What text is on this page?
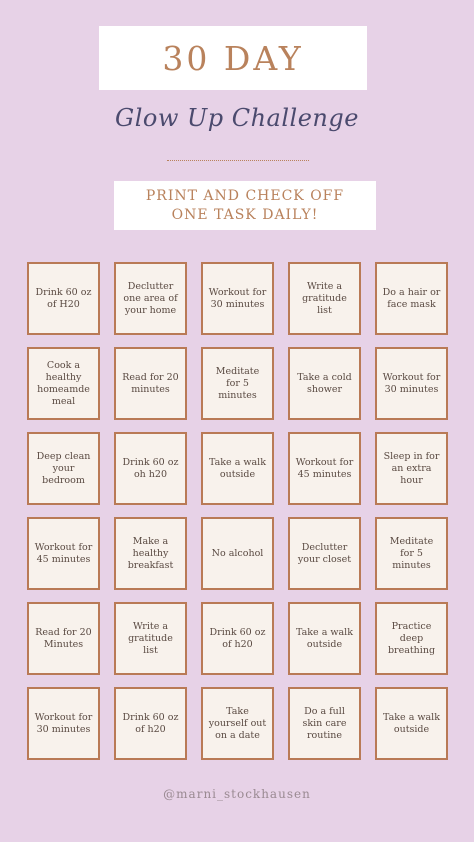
30 DAY
Glow Up Challenge
PRINT AND CHECK OFF
ONE TASK DAILY!
Drink 60 oz of H20
Declutter one area of your home
Workout for 30 minutes
Write a gratitude list
Do a hair or face mask
Cook a healthy homeamde meal
Read for 20 minutes
Meditate for 5 minutes
Take a cold shower
Workout for 30 minutes
Deep clean your bedroom
Drink 60 oz oh h20
Take a walk outside
Workout for 45 minutes
Sleep in for an extra hour
Workout for 45 minutes
Make a healthy breakfast
No alcohol
Declutter your closet
Meditate for 5 minutes
Read for 20 Minutes
Write a gratitude list
Drink 60 oz of h20
Take a walk outside
Practice deep breathing
Workout for 30 minutes
Drink 60 oz of h20
Take yourself out on a date
Do a full skin care routine
Take a walk outside
@marni_stockhausen
